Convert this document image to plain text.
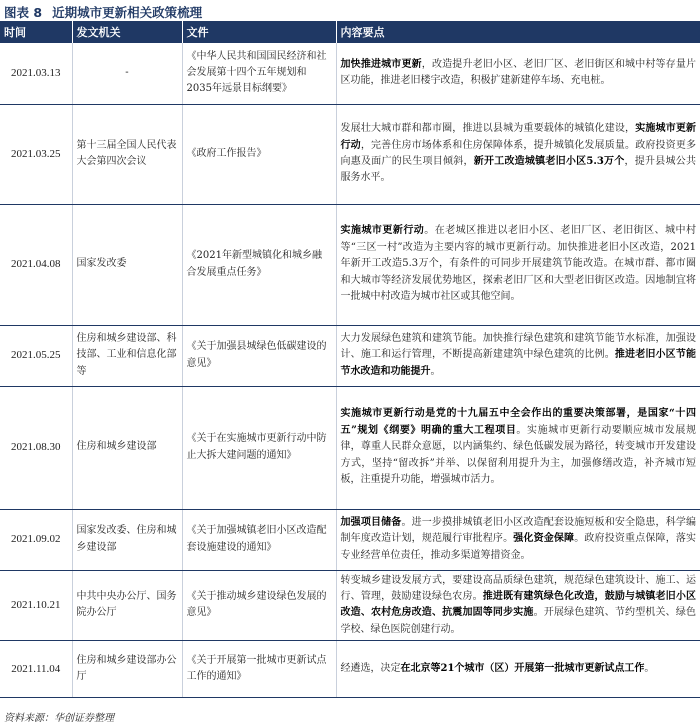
图表 8 近期城市更新相关政策梳理
时间	发文机关	文件	内容要点
2021.03.13	-	《中华人民共和国国民经济和社会发展第十四个五年规划和2035年远景目标纲要》	加快推进城市更新，改造提升老旧小区、老旧厂区、老旧街区和城中村等存量片区功能，推进老旧楼宇改造，积极扩建新建停车场、充电桩。
2021.03.25	第十三届全国人民代表大会第四次会议	《政府工作报告》	发展壮大城市群和都市圈，推进以县城为重要载体的城镇化建设，实施城市更新行动，完善住房市场体系和住房保障体系，提升城镇化发展质量。政府投资更多向惠及面广的民生项目倾斜，新开工改造城镇老旧小区5.3万个，提升县城公共服务水平。
2021.04.08	国家发改委	《2021年新型城镇化和城乡融合发展重点任务》	实施城市更新行动。在老城区推进以老旧小区、老旧厂区、老旧街区、城中村等“三区一村”改造为主要内容的城市更新行动。加快推进老旧小区改造，2021年新开工改造5.3万个，有条件的可同步开展建筑节能改造。在城市群、都市圈和大城市等经济发展优势地区，探索老旧厂区和大型老旧街区改造。因地制宜将一批城中村改造为城市社区或其他空间。
2021.05.25	住房和城乡建设部、科技部、工业和信息化部等	《关于加强县城绿色低碳建设的意见》	大力发展绿色建筑和建筑节能。加快推行绿色建筑和建筑节能节水标准，加强设计、施工和运行管理，不断提高新建建筑中绿色建筑的比例。推进老旧小区节能节水改造和功能提升。
2021.08.30	住房和城乡建设部	《关于在实施城市更新行动中防止大拆大建问题的通知》	实施城市更新行动是党的十九届五中全会作出的重要决策部署，是国家“十四五”规划《纲要》明确的重大工程项目。实施城市更新行动要顺应城市发展规律，尊重人民群众意愿，以内涵集约、绿色低碳发展为路径，转变城市开发建设方式，坚持“留改拆”并举、以保留利用提升为主，加强修缮改造，补齐城市短板，注重提升功能，增强城市活力。
2021.09.02	国家发改委、住房和城乡建设部	《关于加强城镇老旧小区改造配套设施建设的通知》	加强项目储备。进一步摸排城镇老旧小区改造配套设施短板和安全隐患，科学编制年度改造计划，规范履行审批程序。强化资金保障。政府投资重点保障，落实专业经营单位责任，推动多渠道筹措资金。
2021.10.21	中共中央办公厅、国务院办公厅	《关于推动城乡建设绿色发展的意见》	转变城乡建设发展方式，要建设高品质绿色建筑，规范绿色建筑设计、施工、运行、管理，鼓励建设绿色农房。推进既有建筑绿色化改造，鼓励与城镇老旧小区改造、农村危房改造、抗震加固等同步实施。开展绿色建筑、节约型机关、绿色学校、绿色医院创建行动。
2021.11.04	住房和城乡建设部办公厅	《关于开展第一批城市更新试点工作的通知》	经遴选，决定在北京等21个城市（区）开展第一批城市更新试点工作。
资料来源：华创证券整理
